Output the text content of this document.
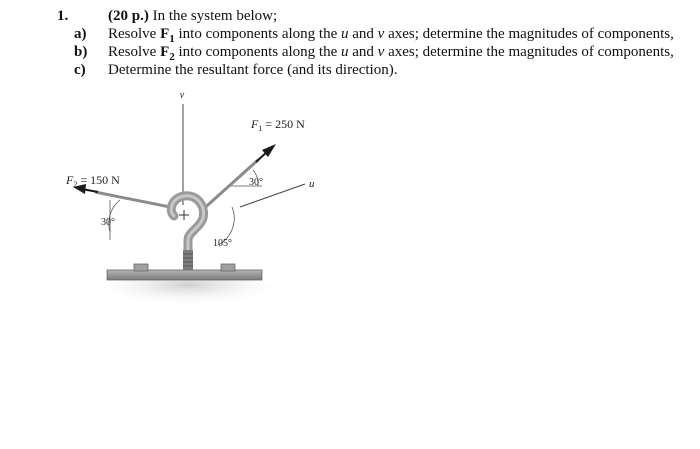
1.	(20 p.) In the system below;
a) Resolve $F_1$ into components along the u and v axes; determine the magnitudes of components,
b) Resolve $F_2$ into components along the u and v axes; determine the magnitudes of components,
c) Determine the resultant force (and its direction).
v
u
30°
$F_1 = 250$ N
$F_2 = 150$ N
30°
105°
